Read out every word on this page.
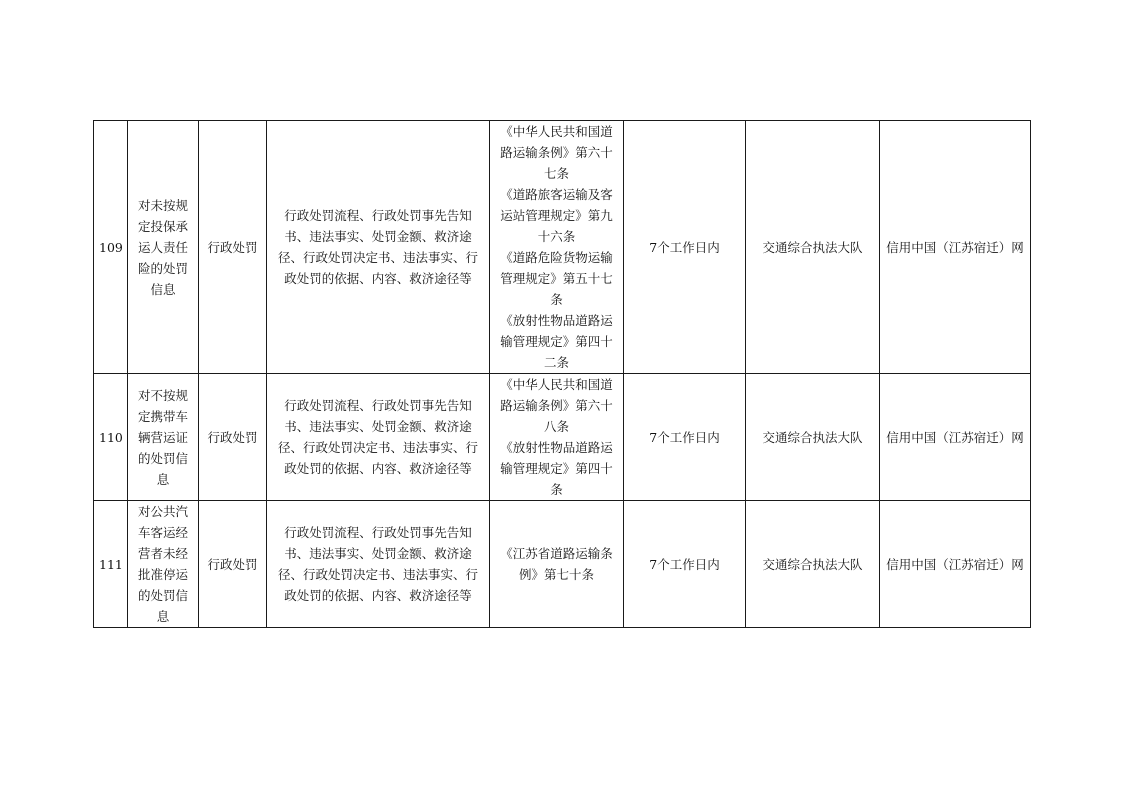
109	对未按规定投保承运人责任险的处罚信息	行政处罚	行政处罚流程、行政处罚事先告知书、违法事实、处罚金额、救济途径、行政处罚决定书、违法事实、行政处罚的依据、内容、救济途径等	《中华人民共和国道路运输条例》第六十七条
《道路旅客运输及客运站管理规定》第九十六条
《道路危险货物运输管理规定》第五十七条
《放射性物品道路运输管理规定》第四十二条	7个工作日内	交通综合执法大队	信用中国（江苏宿迁）网
110	对不按规定携带车辆营运证的处罚信息	行政处罚	行政处罚流程、行政处罚事先告知书、违法事实、处罚金额、救济途径、行政处罚决定书、违法事实、行政处罚的依据、内容、救济途径等	《中华人民共和国道路运输条例》第六十八条
《放射性物品道路运输管理规定》第四十条	7个工作日内	交通综合执法大队	信用中国（江苏宿迁）网
111	对公共汽车客运经营者未经批准停运的处罚信息	行政处罚	行政处罚流程、行政处罚事先告知书、违法事实、处罚金额、救济途径、行政处罚决定书、违法事实、行政处罚的依据、内容、救济途径等	《江苏省道路运输条例》第七十条	7个工作日内	交通综合执法大队	信用中国（江苏宿迁）网
